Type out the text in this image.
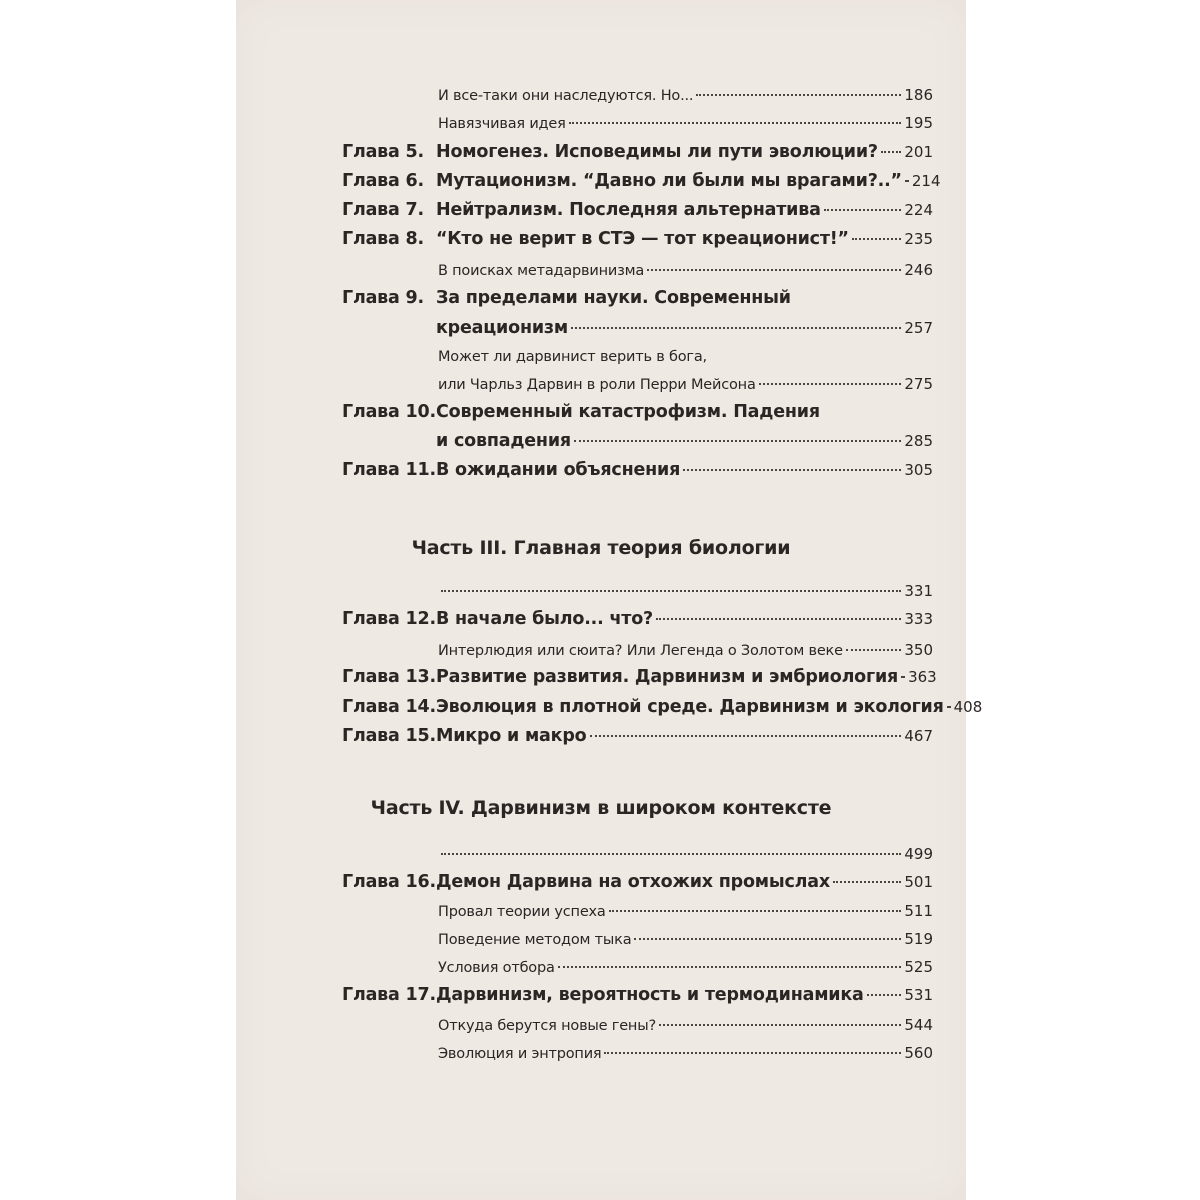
Часть III. Главная теория биологии
Часть IV. Дарвинизм в широком контексте
И все-таки они наследуются. Но...	186
Навязчивая идея	195
Глава 5. Номогенез. Исповедимы ли пути эволюции? 201
Глава 6. Мутационизм. “Давно ли были мы врагами?..” 214
Глава 7. Нейтрализм. Последняя альтернатива	224
Глава 8. “Кто не верит в СТЭ — тот креационист!”	235
В поисках метадарвинизма	246
Глава 9. За пределами науки. Современный
креационизм	257
Может ли дарвинист верить в бога,
или Чарльз Дарвин в роли Перри Мейсона	275
Глава 10. Современный катастрофизм. Падения
и совпадения	285
Глава 11. В ожидании объяснения	305
331
Глава 12. В начале было... что?	333
Интерлюдия или сюита? Или Легенда о Золотом веке	350
Глава 13. Развитие развития. Дарвинизм и эмбриология 363
Глава 14. Эволюция в плотной среде. Дарвинизм и экология 408
Глава 15. Микро и макро	467
499
Глава 16. Демон Дарвина на отхожих промыслах	501
Провал теории успеха	511
Поведение методом тыка	519
Условия отбора	525
Глава 17. Дарвинизм, вероятность и термодинамика	531
Откуда берутся новые гены?	544
Эволюция и энтропия	560
